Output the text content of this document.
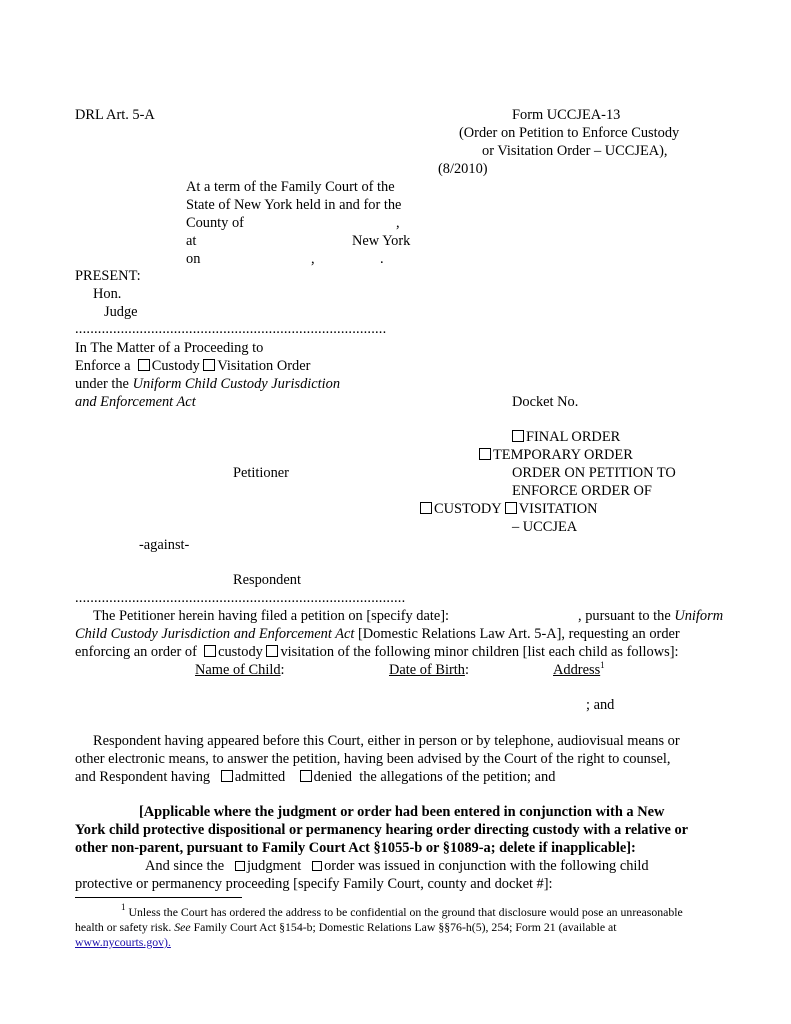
DRL Art. 5-A	Form UCCJEA-13
(Order on Petition to Enforce Custody
or Visitation Order – UCCJEA),
(8/2010)
At a term of the Family Court of the
State of New York held in and for the
County of	,
at	New York
on	,	.
PRESENT:
Hon.
Judge
..................................................................................
In The Matter of a Proceeding to
Enforce a Custody Visitation Order
under the Uniform Child Custody Jurisdiction
and Enforcement Act
Petitioner
-against-
Respondent
Docket No.
FINAL ORDER
TEMPORARY ORDER
ORDER ON PETITION TO
ENFORCE ORDER OF
CUSTODY VISITATION
– UCCJEA
.......................................................................................
The Petitioner herein having filed a petition on [specify date]:	, pursuant to the Uniform
Child Custody Jurisdiction and Enforcement Act [Domestic Relations Law Art. 5-A], requesting an order
enforcing an order of custody visitation of the following minor children [list each child as follows]:
Name of Child:	Date of Birth:	Address$^1$
; and
Respondent having appeared before this Court, either in person or by telephone, audiovisual means or
other electronic means, to answer the petition, having been advised by the Court of the right to counsel,
and Respondent having admitted denied the allegations of the petition; and
[Applicable where the judgment or order had been entered in conjunction with a New
York child protective dispositional or permanency hearing order directing custody with a relative or
other non-parent, pursuant to Family Court Act §1055-b or §1089-a; delete if inapplicable]:
And since the judgment order was issued in conjunction with the following child
protective or permanency proceeding [specify Family Court, county and docket #]:
$^1$ Unless the Court has ordered the address to be confidential on the ground that disclosure would pose an unreasonable
health or safety risk. See Family Court Act §154-b; Domestic Relations Law §§76-h(5), 254; Form 21 (available at
www.nycourts.gov).
